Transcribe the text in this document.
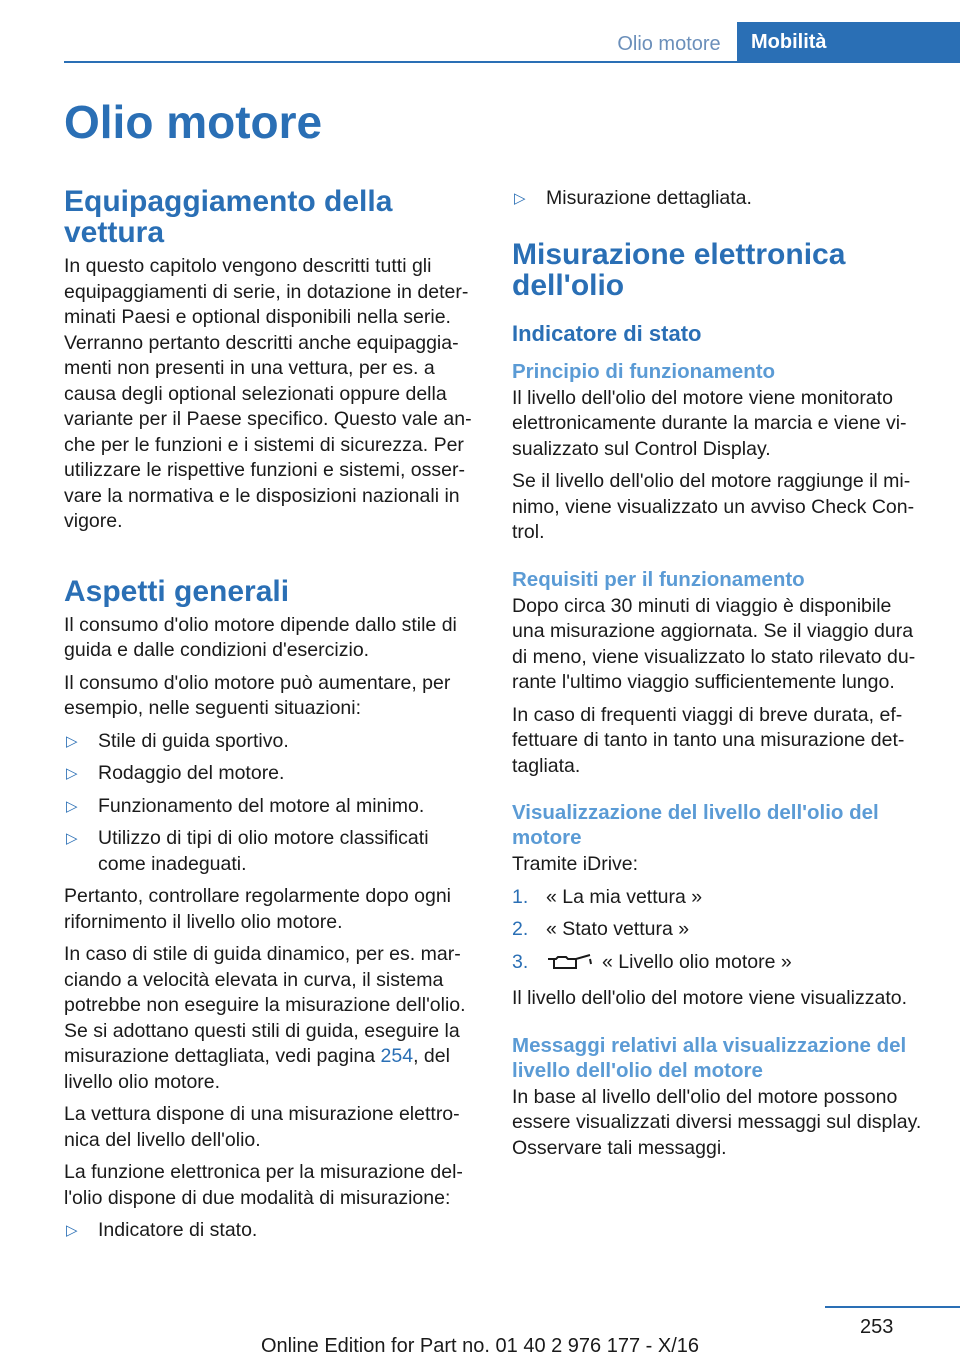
Olio motore	Mobilità
Olio motore
Equipaggiamento della vettura

In questo capitolo vengono descritti tutti gli equipaggiamenti di serie, in dotazione in determinati Paesi e optional disponibili nella serie. Verranno pertanto descritti anche equipaggiamenti non presenti in una vettura, per es. a causa degli optional selezionati oppure della variante per il Paese specifico. Questo vale anche per le funzioni e i sistemi di sicurezza. Per utilizzare le rispettive funzioni e sistemi, osservare la normativa e le disposizioni nazionali in vigore.

Aspetti generali

Il consumo d'olio motore dipende dallo stile di guida e dalle condizioni d'esercizio.

Il consumo d'olio motore può aumentare, per esempio, nelle seguenti situazioni:

▷ Stile di guida sportivo.
▷ Rodaggio del motore.
▷ Funzionamento del motore al minimo.
▷ Utilizzo di tipi di olio motore classificati come inadeguati.

Pertanto, controllare regolarmente dopo ogni rifornimento il livello olio motore.

In caso di stile di guida dinamico, per es. marciando a velocità elevata in curva, il sistema potrebbe non eseguire la misurazione dell'olio. Se si adottano questi stili di guida, eseguire la misurazione dettagliata, vedi pagina 254, del livello olio motore.

La vettura dispone di una misurazione elettronica del livello dell'olio.

La funzione elettronica per la misurazione dell'olio dispone di due modalità di misurazione:

▷ Indicatore di stato.
▷ Misurazione dettagliata.
Misurazione elettronica dell'olio
Indicatore di stato
Principio di funzionamento

Il livello dell'olio del motore viene monitorato elettronicamente durante la marcia e viene visualizzato sul Control Display.

Se il livello dell'olio del motore raggiunge il minimo, viene visualizzato un avviso Check Control.

Requisiti per il funzionamento

Dopo circa 30 minuti di viaggio è disponibile una misurazione aggiornata. Se il viaggio dura di meno, viene visualizzato lo stato rilevato durante l'ultimo viaggio sufficientemente lungo.

In caso di frequenti viaggi di breve durata, effettuare di tanto in tanto una misurazione dettagliata.

Visualizzazione del livello dell'olio del motore

Tramite iDrive:

1. « La mia vettura »
2. « Stato vettura »
3.	« Livello olio motore »

Il livello dell'olio del motore viene visualizzato.

Messaggi relativi alla visualizzazione del livello dell'olio del motore

In base al livello dell'olio del motore possono essere visualizzati diversi messaggi sul display. Osservare tali messaggi.

253
Online Edition for Part no. 01 40 2 976 177 - X/16
